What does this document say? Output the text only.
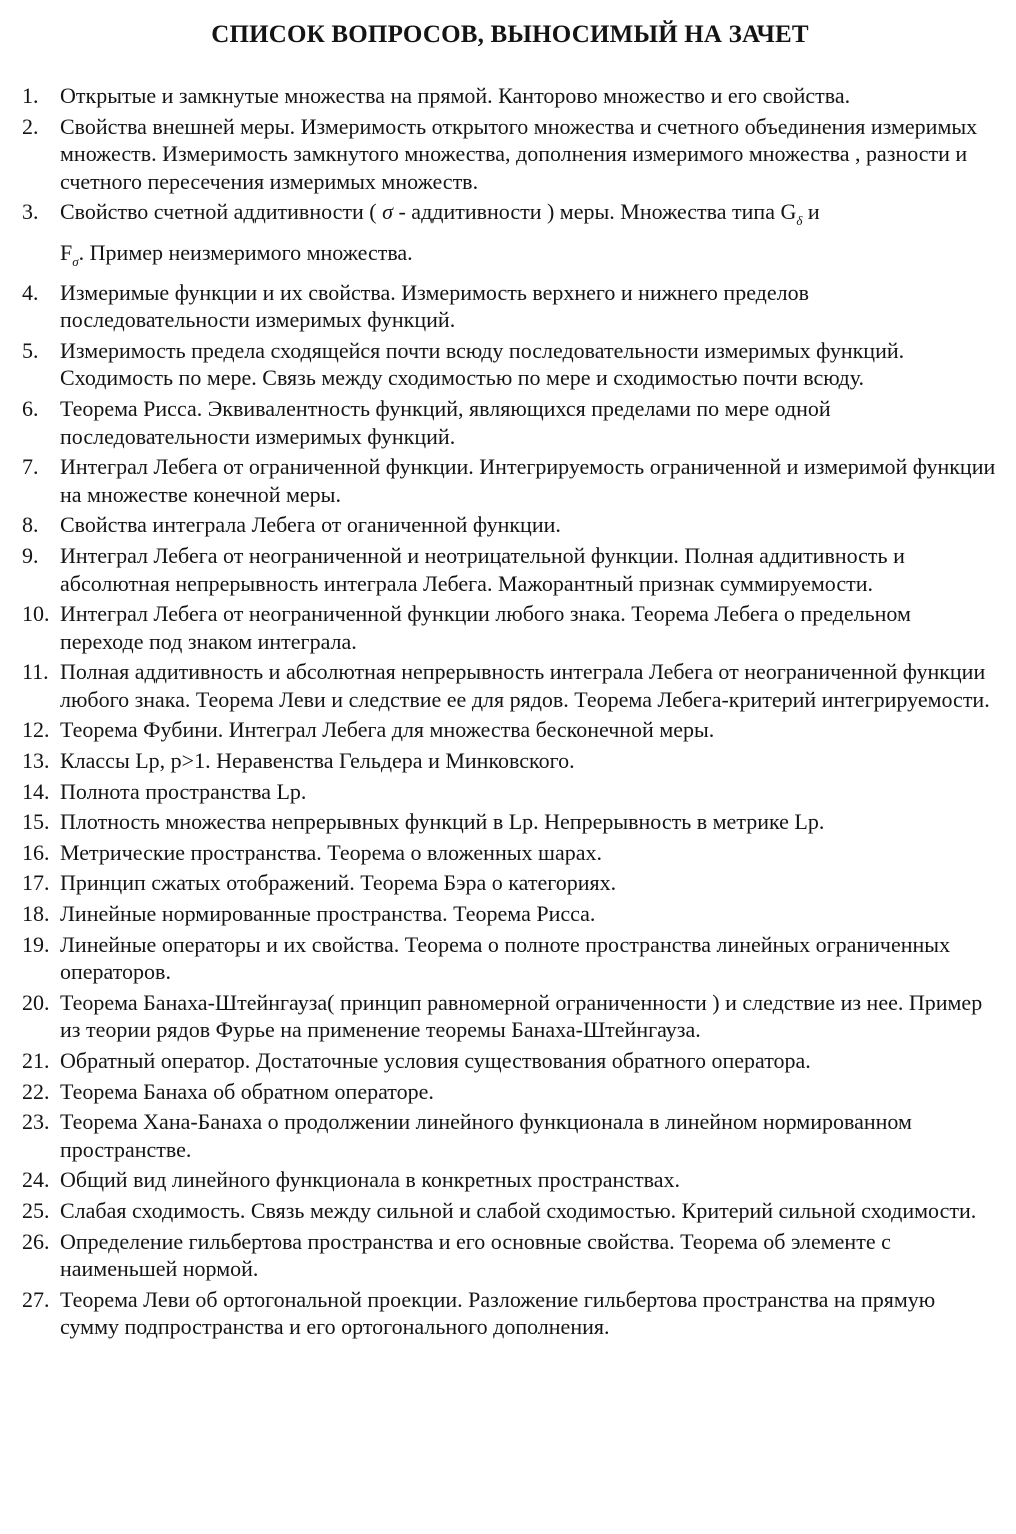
СПИСОК ВОПРОСОВ, ВЫНОСИМЫЙ НА ЗАЧЕТ
1. Открытые и замкнутые множества на прямой. Канторово множество и его свойства.
2. Свойства внешней меры. Измеримость открытого множества и счетного объединения измеримых множеств. Измеримость замкнутого множества, дополнения измеримого множества , разности и счетного пересечения измеримых множеств.
3. Свойство счетной аддитивности ( σ - аддитивности ) меры. Множества типа $G_\delta$ и
$F_\sigma$. Пример неизмеримого множества.
4. Измеримые функции и их свойства. Измеримость верхнего и нижнего пределов последовательности измеримых функций.
5. Измеримость предела сходящейся почти всюду последовательности измеримых функций. Сходимость по мере. Связь между сходимостью по мере и сходимостью почти всюду.
6. Теорема Рисса. Эквивалентность функций, являющихся пределами по мере одной последовательности измеримых функций.
7. Интеграл Лебега от ограниченной функции. Интегрируемость ограниченной и измеримой функции на множестве конечной меры.
8. Свойства интеграла Лебега от оганиченной функции.
9. Интеграл Лебега от неограниченной и неотрицательной функции. Полная аддитивность и абсолютная непрерывность интеграла Лебега. Мажорантный признак суммируемости.
10. Интеграл Лебега от неограниченной функции любого знака. Теорема Лебега о предельном переходе под знаком интеграла.
11. Полная аддитивность и абсолютная непрерывность интеграла Лебега от неограниченной функции любого знака. Теорема Леви и следствие ее для рядов. Теорема Лебега-критерий интегрируемости.
12. Теорема Фубини. Интеграл Лебега для множества бесконечной меры.
13. Классы Lp, p>1. Неравенства Гельдера и Минковского.
14. Полнота пространства Lp.
15. Плотность множества непрерывных функций в Lp. Непрерывность в метрике Lp.
16. Метрические пространства. Теорема о вложенных шарах.
17. Принцип сжатых отображений. Теорема Бэра о категориях.
18. Линейные нормированные пространства. Теорема Рисса.
19. Линейные операторы и их свойства. Теорема о полноте пространства линейных ограниченных операторов.
20. Теорема Банаха-Штейнгауза( принцип равномерной ограниченности ) и следствие из нее. Пример из теории рядов Фурье на применение теоремы Банаха-Штейнгауза.
21. Обратный оператор. Достаточные условия существования обратного оператора.
22. Теорема Банаха об обратном операторе.
23. Теорема Хана-Банаха о продолжении линейного функционала в линейном нормированном пространстве.
24. Общий вид линейного функционала в конкретных пространствах.
25. Слабая сходимость. Связь между сильной и слабой сходимостью. Критерий сильной сходимости.
26. Определение гильбертова пространства и его основные свойства. Теорема об элементе с наименьшей нормой.
27. Теорема Леви об ортогональной проекции. Разложение гильбертова пространства на прямую сумму подпространства и его ортогонального дополнения.
